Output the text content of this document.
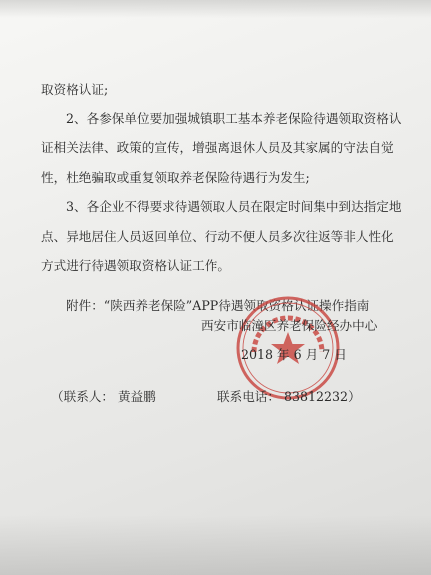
取资格认证;
2、各参保单位要加强城镇职工基本养老保险待遇领取资格认
证相关法律、政策的宣传，增强离退休人员及其家属的守法自觉
性，杜绝骗取或重复领取养老保险待遇行为发生;
3、各企业不得要求待遇领取人员在限定时间集中到达指定地
点、异地居住人员返回单位、行动不便人员多次往返等非人性化
方式进行待遇领取资格认证工作。
附件：“陕西养老保险”APP待遇领取资格认证操作指南
西安市临潼区养老保险经办中心
2018 年 6 月 7 日
（联系人： 黄益鹏	联系电话： 83812232）
